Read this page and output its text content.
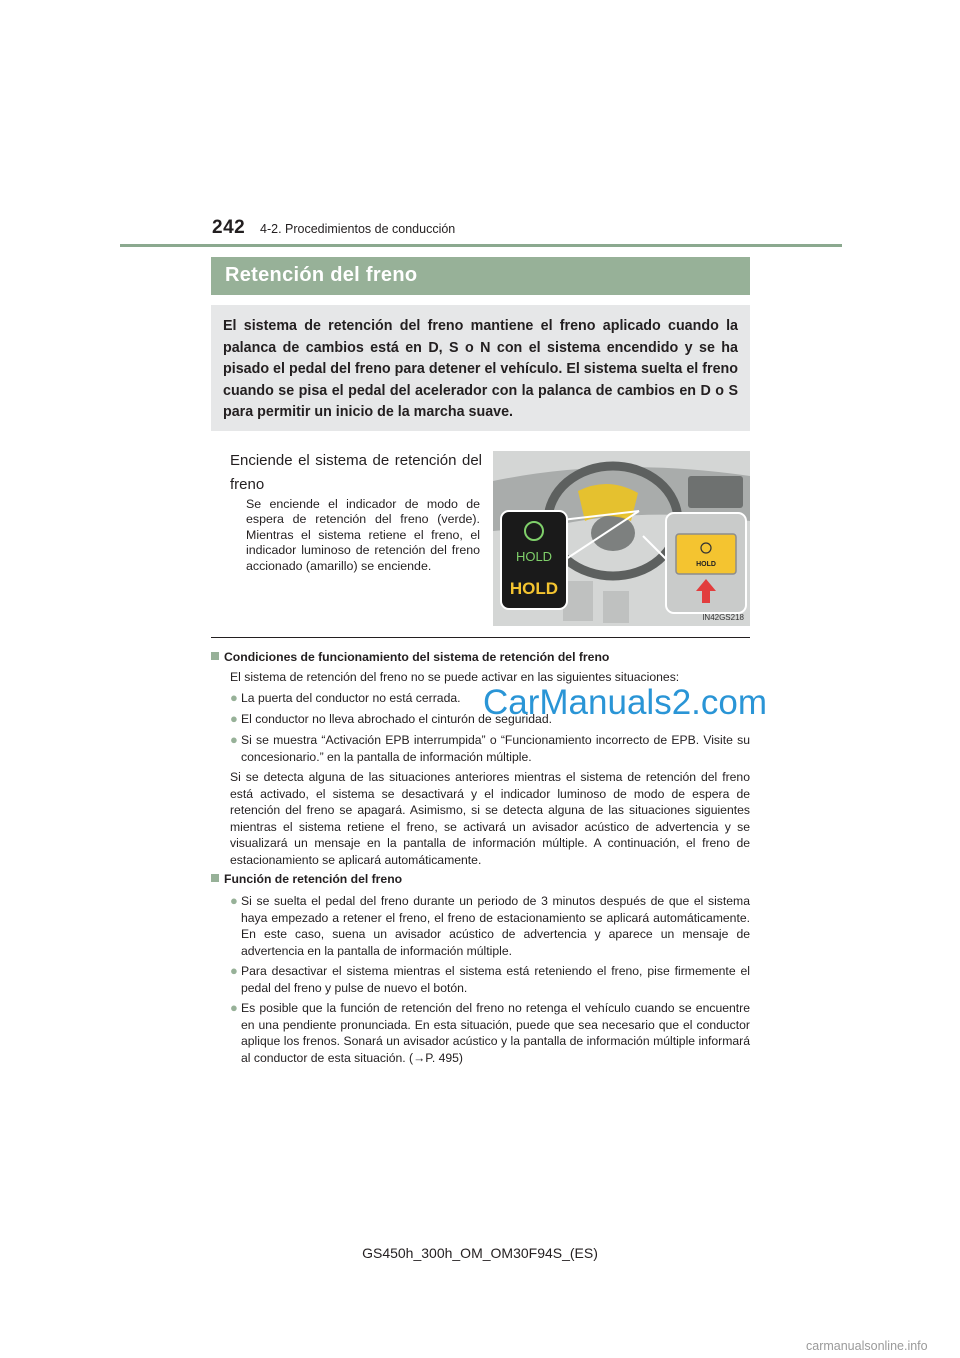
242 4-2. Procedimientos de conducción
Retención del freno
El sistema de retención del freno mantiene el freno aplicado cuando la palanca de cambios está en D, S o N con el sistema encendido y se ha pisado el pedal del freno para detener el vehículo. El sistema suelta el freno cuando se pisa el pedal del acelerador con la palanca de cambios en D o S para permitir un inicio de la marcha suave.
Enciende el sistema de retención del freno
Se enciende el indicador de modo de espera de retención del freno (verde). Mientras el sistema retiene el freno, el indicador luminoso de retención del freno accionado (amarillo) se enciende.
HOLD
HOLD
HOLD
IN42GS218
Condiciones de funcionamiento del sistema de retención del freno
El sistema de retención del freno no se puede activar en las siguientes situaciones:
● La puerta del conductor no está cerrada.
● El conductor no lleva abrochado el cinturón de seguridad.
● Si se muestra “Activación EPB interrumpida” o “Funcionamiento incorrecto de EPB. Visite su concesionario.” en la pantalla de información múltiple.
Si se detecta alguna de las situaciones anteriores mientras el sistema de retención del freno está activado, el sistema se desactivará y el indicador luminoso de modo de espera de retención del freno se apagará. Asimismo, si se detecta alguna de las situaciones siguientes mientras el sistema retiene el freno, se activará un avisador acústico de advertencia y se visualizará un mensaje en la pantalla de información múltiple. A continuación, el freno de estacionamiento se aplicará automáticamente.
Función de retención del freno
● Si se suelta el pedal del freno durante un periodo de 3 minutos después de que el sistema haya empezado a retener el freno, el freno de estacionamiento se aplicará automáticamente. En este caso, suena un avisador acústico de advertencia y aparece un mensaje de advertencia en la pantalla de información múltiple.
● Para desactivar el sistema mientras el sistema está reteniendo el freno, pise firmemente el pedal del freno y pulse de nuevo el botón.
● Es posible que la función de retención del freno no retenga el vehículo cuando se encuentre en una pendiente pronunciada. En esta situación, puede que sea necesario que el conductor aplique los frenos. Sonará un avisador acústico y la pantalla de información múltiple informará al conductor de esta situación. (→P. 495)
GS450h_300h_OM_OM30F94S_(ES)
CarManuals2.com
carmanualsonline.info
